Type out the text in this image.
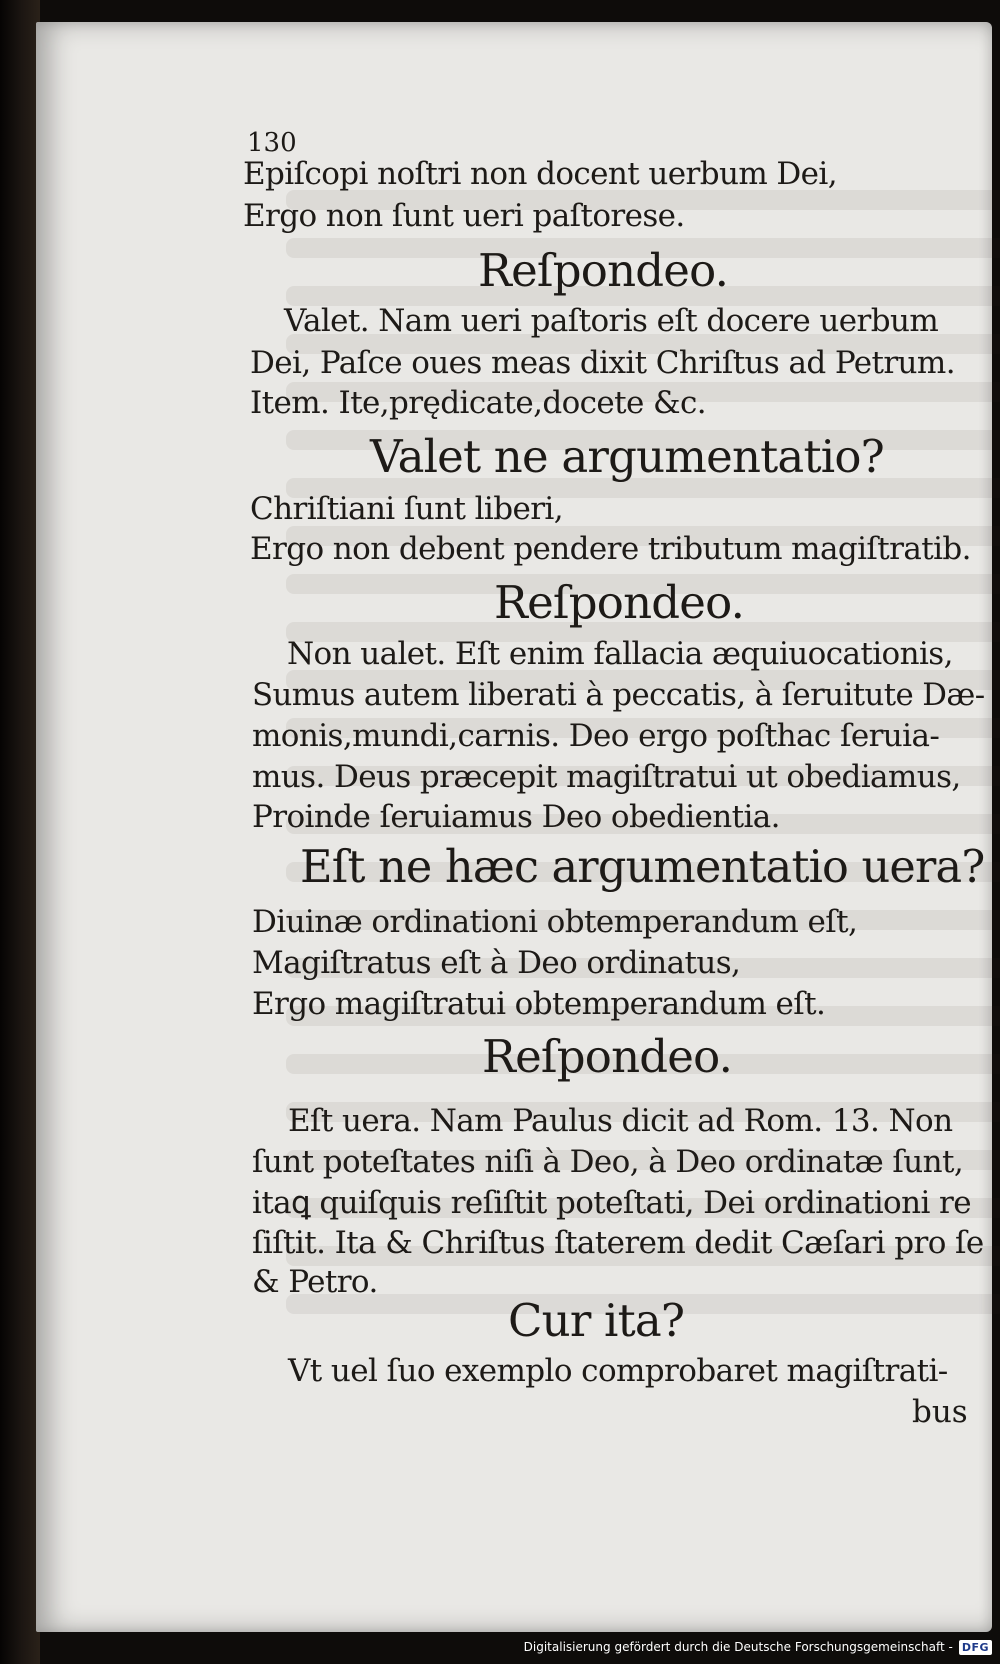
130
Epiſcopi noſtri non docent uerbum Dei,
Ergo non ſunt ueri paſtorese.
Reſpondeo.
Valet. Nam ueri paſtoris eſt docere uerbum
Dei, Paſce oues meas dixit Chriſtus ad Petrum.
Item. Ite,prędicate,docete &c.
Valet ne argumentatio?
Chriſtiani ſunt liberi,
Ergo non debent pendere tributum magiſtratib.
Reſpondeo.
Non ualet. Eſt enim fallacia æquiuocationis,
Sumus autem liberati à peccatis, à ſeruitute Dæ-
monis,mundi,carnis. Deo ergo poſthac ſeruia-
mus. Deus præcepit magiſtratui ut obediamus,
Proinde ſeruiamus Deo obedientia.
Eſt ne hæc argumentatio uera?
Diuinæ ordinationi obtemperandum eſt,
Magiſtratus eſt à Deo ordinatus,
Ergo magiſtratui obtemperandum eſt.
Reſpondeo.
Eſt uera. Nam Paulus dicit ad Rom. 13. Non
ſunt poteſtates niſi à Deo, à Deo ordinatæ ſunt,
itaꝗ quiſquis reſiſtit poteſtati, Dei ordinationi re
ſiſtit. Ita & Chriſtus ſtaterem dedit Cæſari pro ſe
& Petro.
Cur ita?
Vt uel ſuo exemplo comprobaret magiſtrati-
bus
Digitalisierung gefördert durch die Deutsche Forschungsgemeinschaft - DFG
